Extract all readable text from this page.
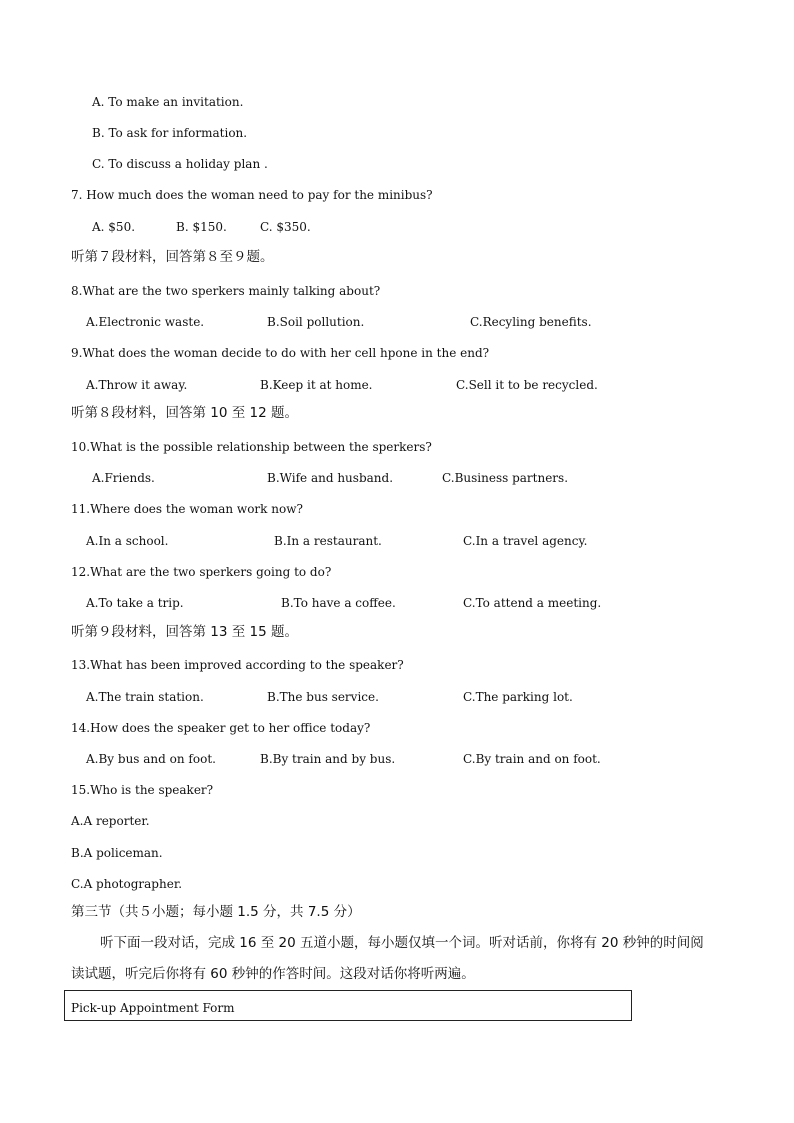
A. To make an invitation.
B. To ask for information.
C. To discuss a holiday plan .
7. How much does the woman need to pay for the minibus?
A. $50.	B. $150.	C. $350.
听第７段材料，回答第８至９题。
8.What are the two sperkers mainly talking about?
A.Electronic waste.	B.Soil pollution.	C.Recyling benefits.
9.What does the woman decide to do with her cell hpone in the end?
A.Throw it away.	B.Keep it at home.	C.Sell it to be recycled.
听第８段材料，回答第 10 至 12 题。
10.What is the possible relationship between the sperkers?
A.Friends.	B.Wife and husband.	C.Business partners.
11.Where does the woman work now?
A.In a school.	B.In a restaurant.	C.In a travel agency.
12.What are the two sperkers going to do?
A.To take a trip.	B.To have a coffee.	C.To attend a meeting.
听第９段材料，回答第 13 至 15 题。
13.What has been improved according to the speaker?
A.The train station.	B.The bus service.	C.The parking lot.
14.How does the speaker get to her office today?
A.By bus and on foot.	B.By train and by bus.	C.By train and on foot.
15.Who is the speaker?
A.A reporter.
B.A policeman.
C.A photographer.
第三节（共５小题；每小题 1.5 分，共 7.5 分）
听下面一段对话，完成 16 至 20 五道小题，每小题仅填一个词。听对话前，你将有 20 秒钟的时间阅
读试题，听完后你将有 60 秒钟的作答时间。这段对话你将听两遍。
Pick-up Appointment Form
